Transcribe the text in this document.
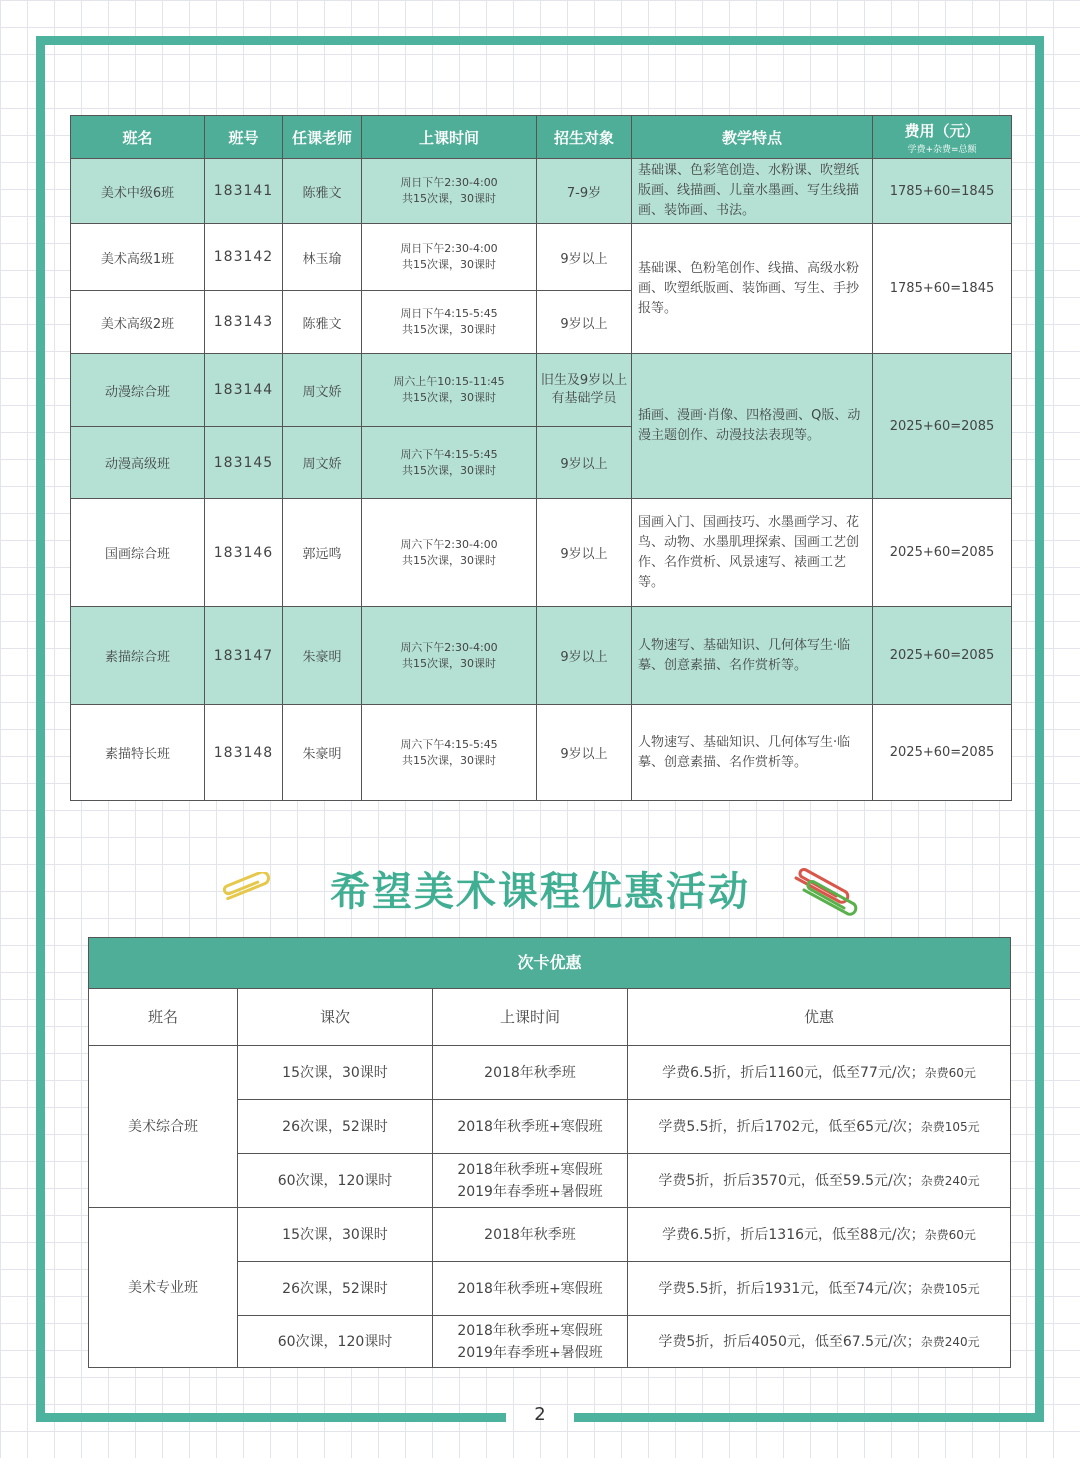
2
班名	班号	任课老师	上课时间	招生对象	教学特点	费用（元）
学费+杂费=总额

美术中级6班	183141	陈雅文	周日下午2:30-4:00
共15次课，30课时	7-9岁	基础课、色彩笔创造、水粉课、吹塑纸版画、线描画、儿童水墨画、写生线描画、装饰画、书法。	1785+60=1845
美术高级1班	183142	林玉瑜	周日下午2:30-4:00
共15次课，30课时	9岁以上	基础课、色粉笔创作、线描、高级水粉画、吹塑纸版画、装饰画、写生、手抄报等。	1785+60=1845
美术高级2班	183143	陈雅文	周日下午4:15-5:45
共15次课，30课时	9岁以上		
动漫综合班	183144	周文娇	周六上午10:15-11:45
共15次课，30课时	旧生及9岁以上有基础学员	插画、漫画·肖像、四格漫画、Q版、动漫主题创作、动漫技法表现等。	2025+60=2085
动漫高级班	183145	周文娇	周六下午4:15-5:45
共15次课，30课时	9岁以上		
国画综合班	183146	郭远鸣	周六下午2:30-4:00
共15次课，30课时	9岁以上	国画入门、国画技巧、水墨画学习、花鸟、动物、水墨肌理探索、国画工艺创作、名作赏析、风景速写、裱画工艺等。	2025+60=2085
素描综合班	183147	朱豪明	周六下午2:30-4:00
共15次课，30课时	9岁以上	人物速写、基础知识、几何体写生·临摹、创意素描、名作赏析等。	2025+60=2085
素描特长班	183148	朱豪明	周六下午4:15-5:45
共15次课，30课时	9岁以上	人物速写、基础知识、几何体写生·临摹、创意素描、名作赏析等。	2025+60=2085
希望美术课程优惠活动
次卡优惠			
班名	课次	上课时间	优惠
美术综合班	15次课，30课时	2018年秋季班	学费6.5折，折后1160元，低至77元/次；杂费60元
	26次课，52课时	2018年秋季班+寒假班	学费5.5折，折后1702元，低至65元/次；杂费105元
	60次课，120课时	2018年秋季班+寒假班
2019年春季班+暑假班	学费5折，折后3570元，低至59.5元/次；杂费240元
美术专业班	15次课，30课时	2018年秋季班	学费6.5折，折后1316元，低至88元/次；杂费60元
	26次课，52课时	2018年秋季班+寒假班	学费5.5折，折后1931元，低至74元/次；杂费105元
	60次课，120课时	2018年秋季班+寒假班
2019年春季班+暑假班	学费5折，折后4050元，低至67.5元/次；杂费240元
